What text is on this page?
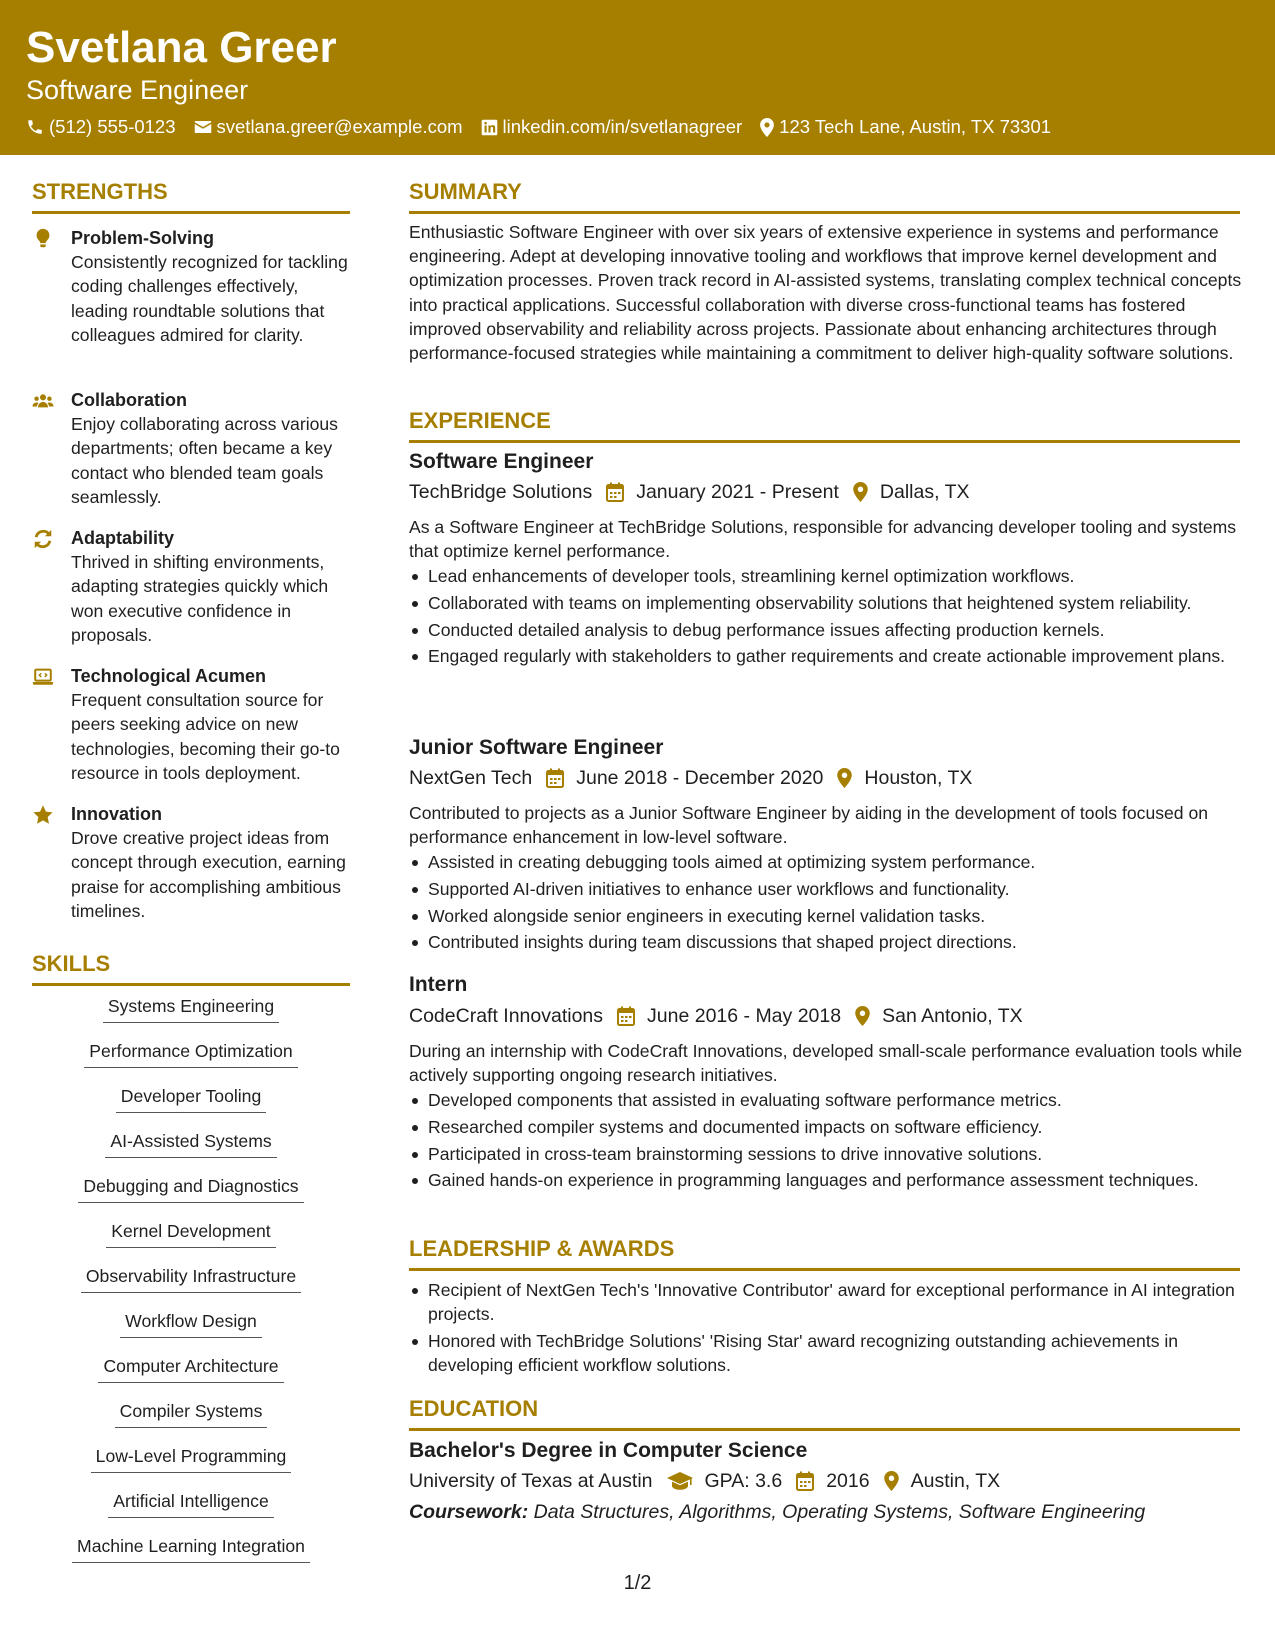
Svetlana Greer
Software Engineer
(512) 555-0123 svetlana.greer@example.com linkedin.com/in/svetlanagreer 123 Tech Lane, Austin, TX 73301
STRENGTHS
Problem-Solving
Consistently recognized for tackling coding challenges effectively, leading roundtable solutions that colleagues admired for clarity.
Collaboration
Enjoy collaborating across various departments; often became a key contact who blended team goals seamlessly.
Adaptability
Thrived in shifting environments, adapting strategies quickly which won executive confidence in proposals.
Technological Acumen
Frequent consultation source for peers seeking advice on new technologies, becoming their go-to resource in tools deployment.
Innovation
Drove creative project ideas from concept through execution, earning praise for accomplishing ambitious timelines.
SKILLS
Systems Engineering
Performance Optimization
Developer Tooling
AI-Assisted Systems
Debugging and Diagnostics
Kernel Development
Observability Infrastructure
Workflow Design
Computer Architecture
Compiler Systems
Low-Level Programming
Artificial Intelligence
Machine Learning Integration
SUMMARY
Enthusiastic Software Engineer with over six years of extensive experience in systems and performance engineering. Adept at developing innovative tooling and workflows that improve kernel development and optimization processes. Proven track record in AI-assisted systems, translating complex technical concepts into practical applications. Successful collaboration with diverse cross-functional teams has fostered improved observability and reliability across projects. Passionate about enhancing architectures through performance-focused strategies while maintaining a commitment to deliver high-quality software solutions.
EXPERIENCE
Software Engineer
TechBridge Solutions January 2021 - Present Dallas, TX
As a Software Engineer at TechBridge Solutions, responsible for advancing developer tooling and systems that optimize kernel performance.
Lead enhancements of developer tools, streamlining kernel optimization workflows.
Collaborated with teams on implementing observability solutions that heightened system reliability.
Conducted detailed analysis to debug performance issues affecting production kernels.
Engaged regularly with stakeholders to gather requirements and create actionable improvement plans.
Junior Software Engineer
NextGen Tech June 2018 - December 2020 Houston, TX
Contributed to projects as a Junior Software Engineer by aiding in the development of tools focused on performance enhancement in low-level software.
Assisted in creating debugging tools aimed at optimizing system performance.
Supported AI-driven initiatives to enhance user workflows and functionality.
Worked alongside senior engineers in executing kernel validation tasks.
Contributed insights during team discussions that shaped project directions.
Intern
CodeCraft Innovations June 2016 - May 2018 San Antonio, TX
During an internship with CodeCraft Innovations, developed small-scale performance evaluation tools while actively supporting ongoing research initiatives.
Developed components that assisted in evaluating software performance metrics.
Researched compiler systems and documented impacts on software efficiency.
Participated in cross-team brainstorming sessions to drive innovative solutions.
Gained hands-on experience in programming languages and performance assessment techniques.
LEADERSHIP & AWARDS
Recipient of NextGen Tech's 'Innovative Contributor' award for exceptional performance in AI integration projects.
Honored with TechBridge Solutions' 'Rising Star' award recognizing outstanding achievements in developing efficient workflow solutions.
EDUCATION
Bachelor's Degree in Computer Science
University of Texas at Austin	GPA: 3.6 2016 Austin, TX
Coursework: Data Structures, Algorithms, Operating Systems, Software Engineering
1/2
